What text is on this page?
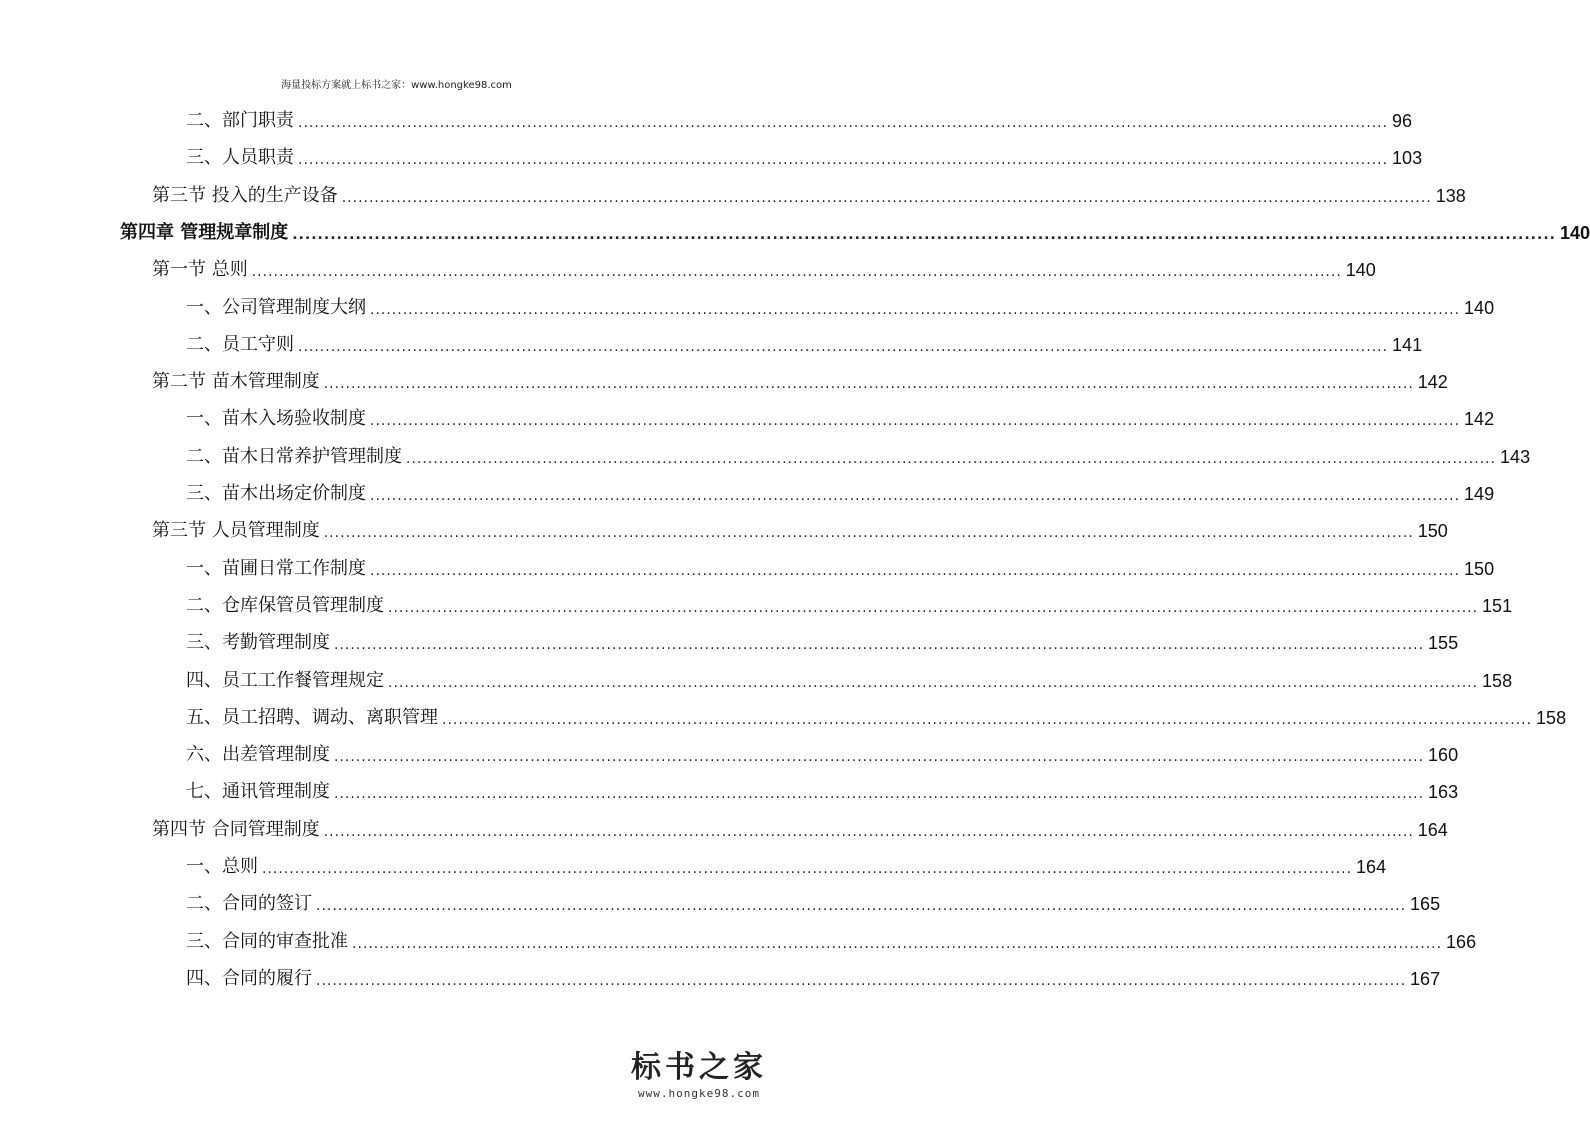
海量投标方案就上标书之家：www.hongke98.com
二、部门职责 ........................................................................................................................................................................................................ 96
三、人员职责 ........................................................................................................................................................................................................ 103
第三节 投入的生产设备 ........................................................................................................................................................................................................ 138
第四章 管理规章制度 ........................................................................................................................................................................................................ 140
第一节 总则 ........................................................................................................................................................................................................ 140
一、公司管理制度大纲 ........................................................................................................................................................................................................ 140
二、员工守则 ........................................................................................................................................................................................................ 141
第二节 苗木管理制度 ........................................................................................................................................................................................................ 142
一、苗木入场验收制度 ........................................................................................................................................................................................................ 142
二、苗木日常养护管理制度 ........................................................................................................................................................................................................ 143
三、苗木出场定价制度 ........................................................................................................................................................................................................ 149
第三节 人员管理制度 ........................................................................................................................................................................................................ 150
一、苗圃日常工作制度 ........................................................................................................................................................................................................ 150
二、仓库保管员管理制度 ........................................................................................................................................................................................................ 151
三、考勤管理制度 ........................................................................................................................................................................................................ 155
四、员工工作餐管理规定 ........................................................................................................................................................................................................ 158
五、员工招聘、调动、离职管理 ........................................................................................................................................................................................................ 158
六、出差管理制度 ........................................................................................................................................................................................................ 160
七、通讯管理制度 ........................................................................................................................................................................................................ 163
第四节 合同管理制度 ........................................................................................................................................................................................................ 164
一、总则 ........................................................................................................................................................................................................ 164
二、合同的签订 ........................................................................................................................................................................................................ 165
三、合同的审查批准 ........................................................................................................................................................................................................ 166
四、合同的履行 ........................................................................................................................................................................................................ 167
标书之家
www.hongke98.com
